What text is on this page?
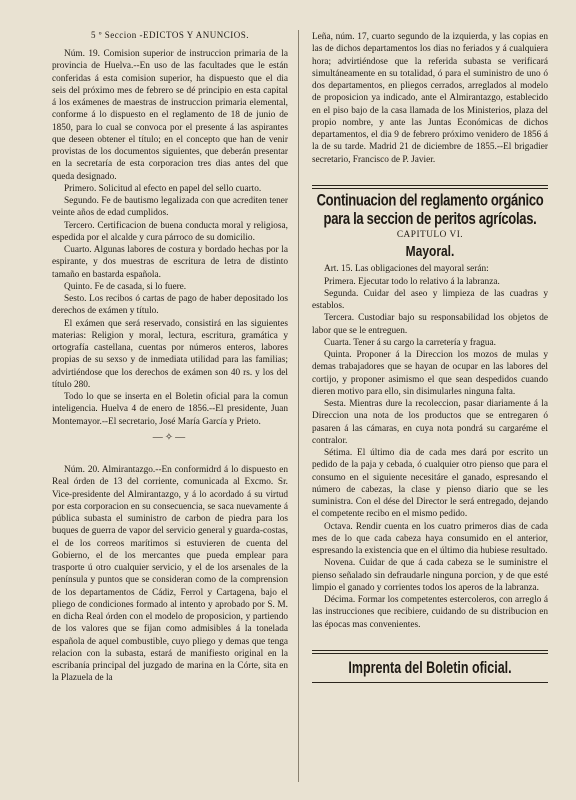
5 º Seccion -EDICTOS Y ANUNCIOS.

Núm. 19. Comision superior de instruccion primaria de la provincia de Huelva.--En uso de las facultades que le están conferidas á esta comision superior, ha dispuesto que el dia seis del próximo mes de febrero se dé principio en esta capital á los exámenes de maestras de instruccion primaria elemental, conforme á lo dispuesto en el reglamento de 18 de junio de 1850, para lo cual se convoca por el presente á las aspirantes que deseen obtener el título; en el concepto que han de venir provistas de los documentos siguientes, que deberán presentar en la secretaría de esta corporacion tres dias antes del que queda designado.

Primero. Solicitud al efecto en papel del sello cuarto.

Segundo. Fe de bautismo legalizada con que acrediten tener veinte años de edad cumplidos.

Tercero. Certificacion de buena conducta moral y religiosa, espedida por el alcalde y cura párroco de su domicilio.

Cuarto. Algunas labores de costura y bordado hechas por la espirante, y dos muestras de escritura de letra de distinto tamaño en bastarda española.

Quinto. Fe de casada, si lo fuere.

Sesto. Los recibos ó cartas de pago de haber depositado los derechos de exámen y título.

El exámen que será reservado, consistirá en las siguientes materias: Religion y moral, lectura, escritura, gramática y ortografía castellana, cuentas por números enteros, labores propias de su sexso y de inmediata utilidad para las familias; advirtiéndose que los derechos de exámen son 40 rs. y los del título 280.

Todo lo que se inserta en el Boletin oficial para la comun inteligencia. Huelva 4 de enero de 1856.--El presidente, Juan Montemayor.--El secretario, José María García y Prieto.

—✧—

Núm. 20. Almirantazgo.--En conformidrd á lo dispuesto en Real órden de 13 del corriente, comunicada al Excmo. Sr. Vice-presidente del Almirantazgo, y á lo acordado á su virtud por esta corporacion en su consecuencia, se saca nuevamente á pública subasta el suministro de carbon de piedra para los buques de guerra de vapor del servicio general y guarda-costas, el de los correos marítimos si estuvieren de cuenta del Gobierno, el de los mercantes que pueda emplear para trasporte ú otro cualquier servicio, y el de los arsenales de la península y puntos que se consideran como de la comprension de los departamentos de Cádiz, Ferrol y Cartagena, bajo el pliego de condiciones formado al intento y aprobado por S. M. en dicha Real órden con el modelo de proposicion, y partiendo de los valores que se fijan como admisibles á la tonelada española de aquel combustible, cuyo pliego y demas que tenga relacion con la subasta, estará de manifiesto original en la escribanía principal del juzgado de marina en la Córte, sita en la Plazuela de la

Leña, núm. 17, cuarto segundo de la izquierda, y las copias en las de dichos departamentos los dias no feriados y á cualquiera hora; advirtiéndose que la referida subasta se verificará simultáneamente en su totalidad, ó para el suministro de uno ó dos departamentos, en pliegos cerrados, arreglados al modelo de proposicion ya indicado, ante el Almirantazgo, establecido en el piso bajo de la casa llamada de los Ministerios, plaza del propio nombre, y ante las Juntas Económicas de dichos departamentos, el dia 9 de febrero próximo venidero de 1856 á la de su tarde. Madrid 21 de diciembre de 1855.--El brigadier secretario, Francisco de P. Javier.

Continuacion del reglamento orgánico para la seccion de peritos agrícolas.
CAPITULO VI.
Mayoral.

Art. 15. Las obligaciones del mayoral serán:

Primera. Ejecutar todo lo relativo á la labranza.

Segunda. Cuidar del aseo y limpieza de las cuadras y establos.

Tercera. Custodiar bajo su responsabilidad los objetos de labor que se le entreguen.

Cuarta. Tener á su cargo la carretería y fragua.

Quinta. Proponer á la Direccion los mozos de mulas y demas trabajadores que se hayan de ocupar en las labores del cortijo, y proponer asimismo el que sean despedidos cuando dieren motivo para ello, sin disimularles ninguna falta.

Sesta. Mientras dure la recoleccion, pasar diariamente á la Direccion una nota de los productos que se entregaren ó pasaren á las cámaras, en cuya nota pondrá su cargaréme el contralor.

Sétima. El último dia de cada mes dará por escrito un pedido de la paja y cebada, ó cualquier otro pienso que para el consumo en el siguiente necesitáre el ganado, espresando el número de cabezas, la clase y pienso diario que se les suministra. Con el dése del Director le será entregado, dejando el competente recibo en el mismo pedido.

Octava. Rendir cuenta en los cuatro primeros dias de cada mes de lo que cada cabeza haya consumido en el anterior, espresando la existencia que en el último dia hubiese resultado.

Novena. Cuidar de que á cada cabeza se le suministre el pienso señalado sin defraudarle ninguna porcion, y de que esté limpio el ganado y corrientes todos los aperos de la labranza.

Décima. Formar los competentes estercoleros, con arreglo á las instrucciones que recibiere, cuidando de su distribucion en las épocas mas convenientes.

Imprenta del Boletin oficial.
